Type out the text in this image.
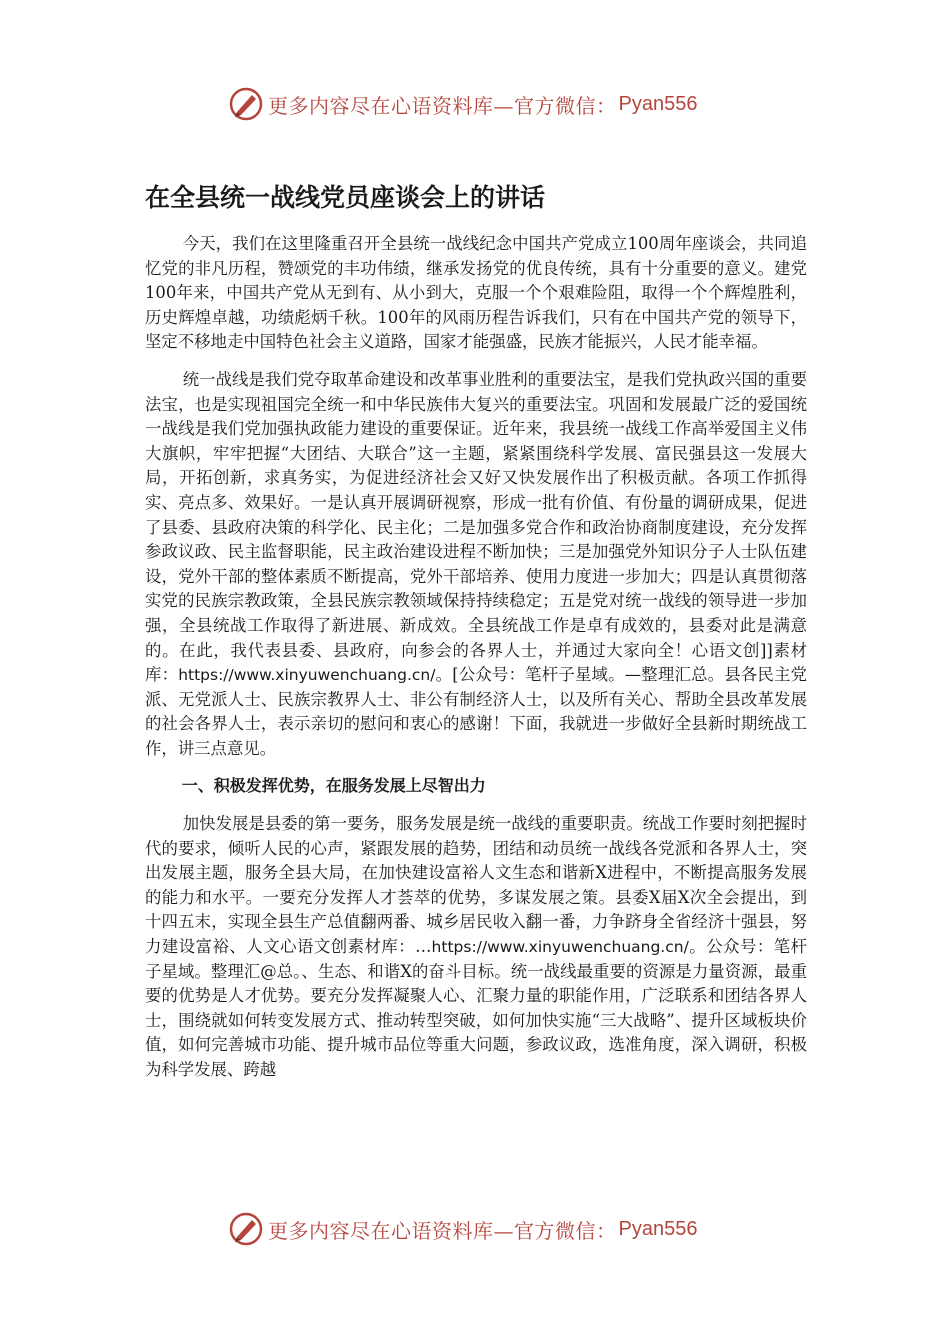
更多内容尽在心语资料库—官方微信： Pyan556
在全县统一战线党员座谈会上的讲话

今天，我们在这里隆重召开全县统一战线纪念中国共产党成立100周年座谈会，共同追忆党的非凡历程，赞颂党的丰功伟绩，继承发扬党的优良传统，具有十分重要的意义。建党100年来，中国共产党从无到有、从小到大，克服一个个艰难险阻，取得一个个辉煌胜利，历史辉煌卓越，功绩彪炳千秋。100年的风雨历程告诉我们，只有在中国共产党的领导下，坚定不移地走中国特色社会主义道路，国家才能强盛，民族才能振兴，人民才能幸福。

统一战线是我们党夺取革命建设和改革事业胜利的重要法宝，是我们党执政兴国的重要法宝，也是实现祖国完全统一和中华民族伟大复兴的重要法宝。巩固和发展最广泛的爱国统一战线是我们党加强执政能力建设的重要保证。近年来，我县统一战线工作高举爱国主义伟大旗帜，牢牢把握“大团结、大联合”这一主题，紧紧围绕科学发展、富民强县这一发展大局，开拓创新，求真务实，为促进经济社会又好又快发展作出了积极贡献。各项工作抓得实、亮点多、效果好。一是认真开展调研视察，形成一批有价值、有份量的调研成果，促进了县委、县政府决策的科学化、民主化；二是加强多党合作和政治协商制度建设，充分发挥参政议政、民主监督职能，民主政治建设进程不断加快；三是加强党外知识分子人士队伍建设，党外干部的整体素质不断提高，党外干部培养、使用力度进一步加大；四是认真贯彻落实党的民族宗教政策，全县民族宗教领域保持持续稳定；五是党对统一战线的领导进一步加强，全县统战工作取得了新进展、新成效。全县统战工作是卓有成效的，县委对此是满意的。在此，我代表县委、县政府，向参会的各界人士，并通过大家向全！心语文创]]素材库：https://www.xinyuwenchuang.cn/。[公众号：笔杆子星域。—整理汇总。县各民主党派、无党派人士、民族宗教界人士、非公有制经济人士，以及所有关心、帮助全县改革发展的社会各界人士，表示亲切的慰问和衷心的感谢！下面，我就进一步做好全县新时期统战工作，讲三点意见。

一、积极发挥优势，在服务发展上尽智出力

加快发展是县委的第一要务，服务发展是统一战线的重要职责。统战工作要时刻把握时代的要求，倾听人民的心声，紧跟发展的趋势，团结和动员统一战线各党派和各界人士，突出发展主题，服务全县大局，在加快建设富裕人文生态和谐新X进程中，不断提高服务发展的能力和水平。一要充分发挥人才荟萃的优势，多谋发展之策。县委X届X次全会提出，到十四五末，实现全县生产总值翻两番、城乡居民收入翻一番，力争跻身全省经济十强县，努力建设富裕、人文心语文创素材库：…https://www.xinyuwenchuang.cn/。公众号：笔杆子星域。整理汇@总。、生态、和谐X的奋斗目标。统一战线最重要的资源是力量资源，最重要的优势是人才优势。要充分发挥凝聚人心、汇聚力量的职能作用，广泛联系和团结各界人士，围绕就如何转变发展方式、推动转型突破，如何加快实施“三大战略”、提升区域板块价值，如何完善城市功能、提升城市品位等重大问题，参政议政，选准角度，深入调研，积极为科学发展、跨越

更多内容尽在心语资料库—官方微信： Pyan556
